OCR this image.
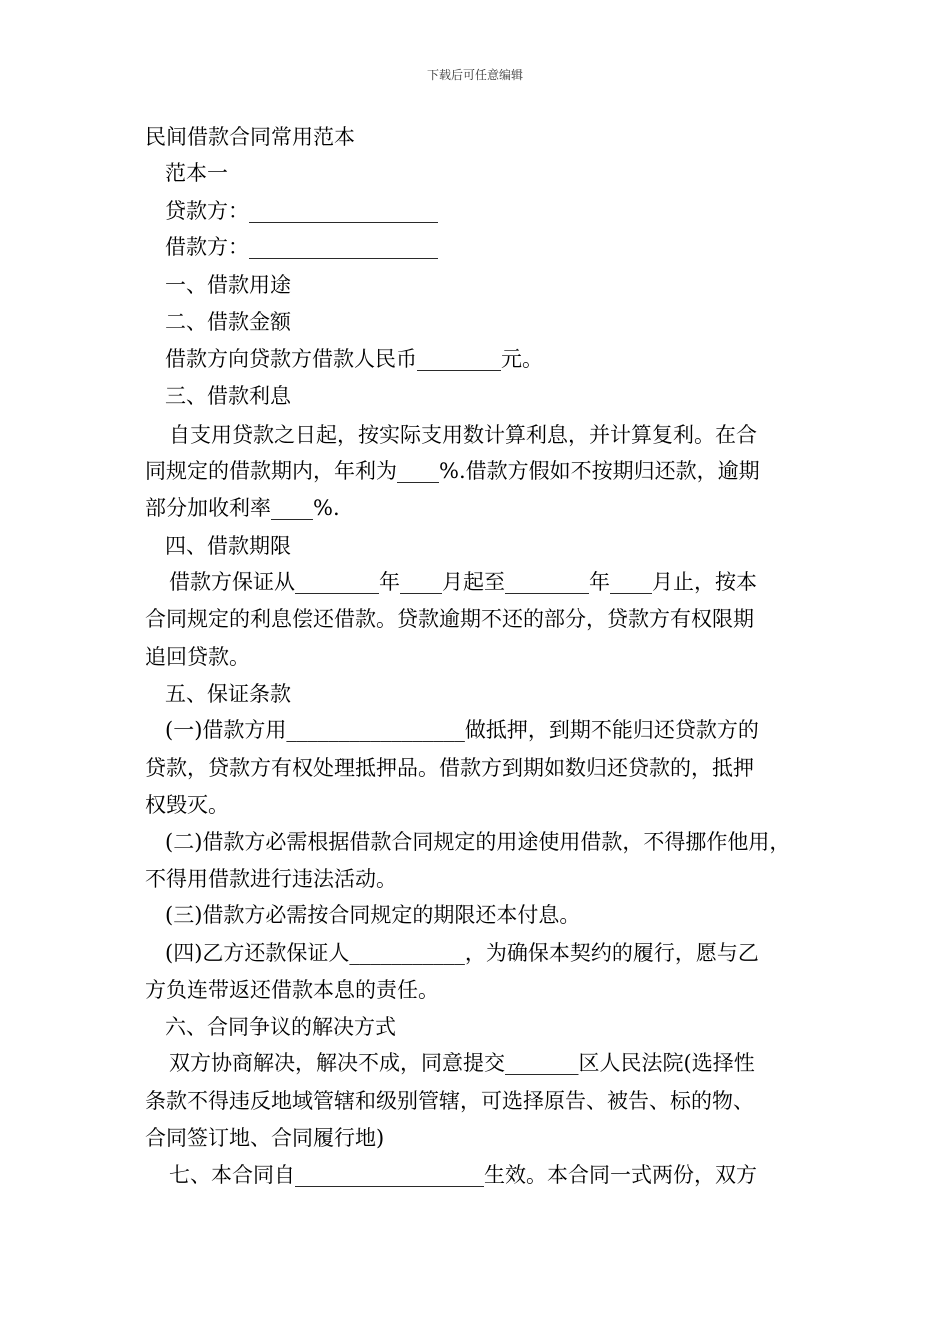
下载后可任意编辑
民间借款合同常用范本
范本一
贷款方：__________________
借款方：__________________
一、借款用途
二、借款金额
借款方向贷款方借款人民币________元。
三、借款利息
自支用贷款之日起，按实际支用数计算利息，并计算复利。在合
同规定的借款期内，年利为____%.借款方假如不按期归还款，逾期
部分加收利率____%.
四、借款期限
借款方保证从________年____月起至________年____月止，按本
合同规定的利息偿还借款。贷款逾期不还的部分，贷款方有权限期
追回贷款。
五、保证条款
(一)借款方用_________________做抵押，到期不能归还贷款方的
贷款，贷款方有权处理抵押品。借款方到期如数归还贷款的，抵押
权毁灭。
(二)借款方必需根据借款合同规定的用途使用借款，不得挪作他用，
不得用借款进行违法活动。
(三)借款方必需按合同规定的期限还本付息。
(四)乙方还款保证人___________，为确保本契约的履行，愿与乙
方负连带返还借款本息的责任。
六、合同争议的解决方式
双方协商解决，解决不成，同意提交_______区人民法院(选择性
条款不得违反地域管辖和级别管辖，可选择原告、被告、标的物、
合同签订地、合同履行地)
七、本合同自__________________生效。本合同一式两份，双方
